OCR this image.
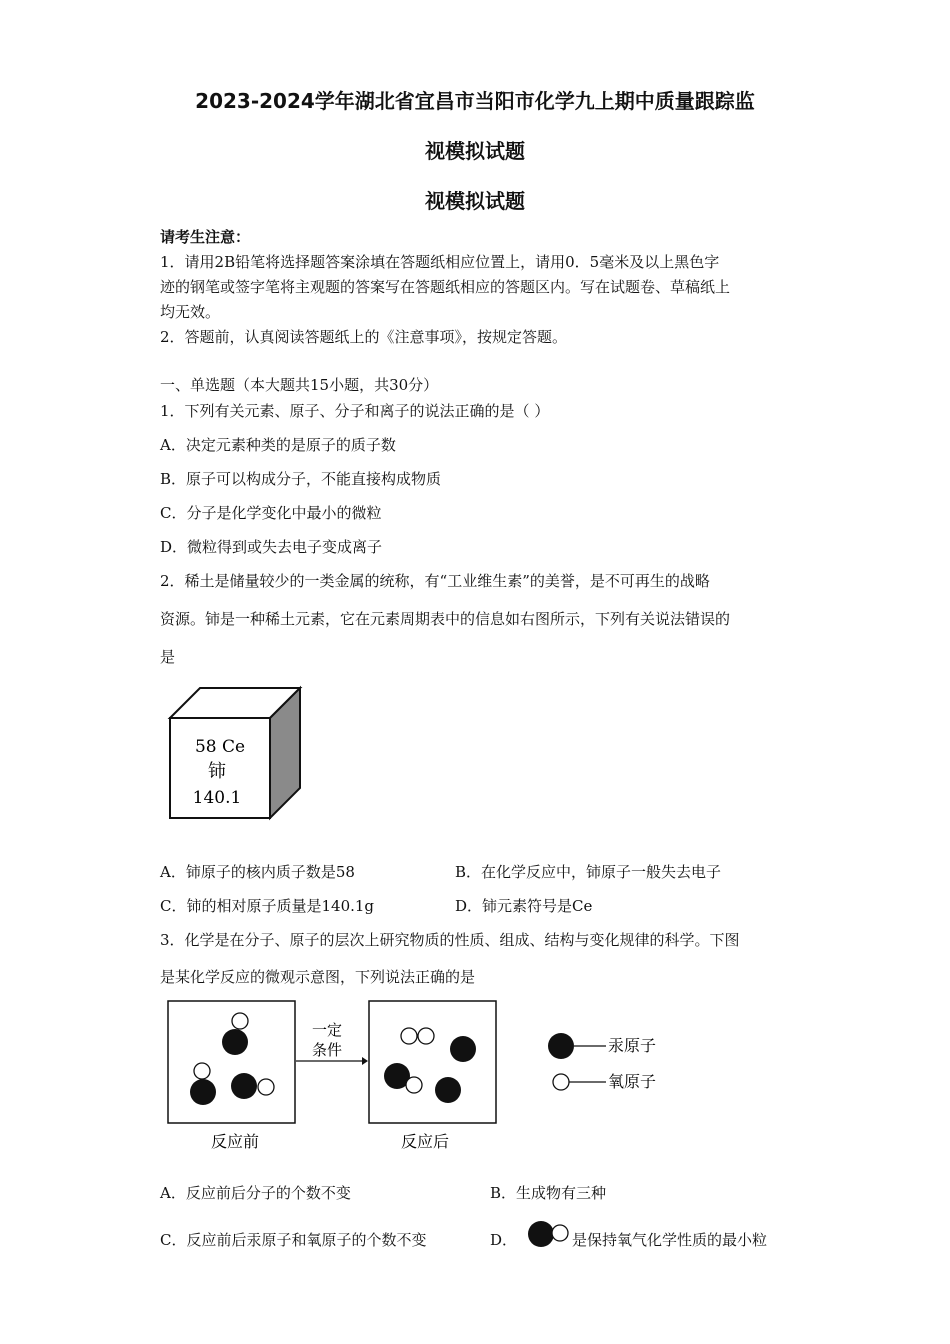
2023-2024学年湖北省宜昌市当阳市化学九上期中质量跟踪监
视模拟试题
视模拟试题
请考生注意：
1．请用2B铅笔将选择题答案涂填在答题纸相应位置上，请用0．5毫米及以上黑色字
迹的钢笔或签字笔将主观题的答案写在答题纸相应的答题区内。写在试题卷、草稿纸上
均无效。
2．答题前，认真阅读答题纸上的《注意事项》，按规定答题。
一、单选题（本大题共15小题，共30分）
1．下列有关元素、原子、分子和离子的说法正确的是（ ）
A．决定元素种类的是原子的质子数
B．原子可以构成分子，不能直接构成物质
C．分子是化学变化中最小的微粒
D．微粒得到或失去电子变成离子
2．稀土是储量较少的一类金属的统称，有“工业维生素”的美誉，是不可再生的战略
资源。铈是一种稀土元素，它在元素周期表中的信息如右图所示，下列有关说法错误的
是
58 Ce
铈
140.1
A．铈原子的核内质子数是58	B．在化学反应中，铈原子一般失去电子
C．铈的相对原子质量是140.1g	D．铈元素符号是Ce
3．化学是在分子、原子的层次上研究物质的性质、组成、结构与变化规律的科学。下图
是某化学反应的微观示意图，下列说法正确的是
一定
条件
反应前	反应后
汞原子
氧原子
A．反应前后分子的个数不变	B．生成物有三种
C．反应前后汞原子和氧原子的个数不变	D．	是保持氧气化学性质的最小粒
